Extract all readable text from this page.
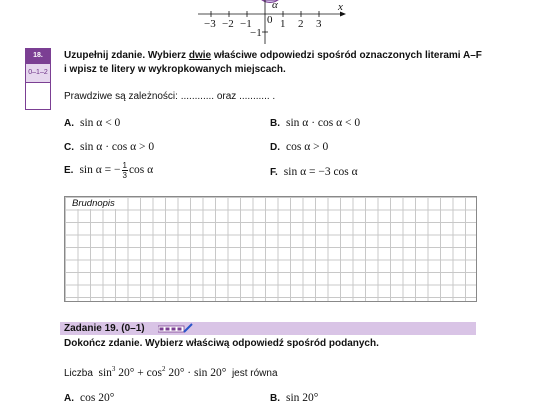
−3 −2 −1 0 1 2 3
−1
x
α
18.
0–1–2
Uzupełnij zdanie. Wybierz dwie właściwe odpowiedzi spośród oznaczonych literami A–F i wpisz te litery w wykropkowanych miejscach.
Prawdziwe są zależności: ............ oraz ........... .
A. sin α < 0	B. sin α · cos α < 0
C. sin α · cos α > 0	D. cos α > 0
E. sin α = − $\frac{1}{3}$ cos α	F. sin α = −3 cos α
Brudnopis
Zadanie 19. (0–1)
Dokończ zdanie. Wybierz właściwą odpowiedź spośród podanych.
Liczba $\sin^3 20^\circ + \cos^2 20^\circ \cdot \sin 20^\circ$ jest równa
A. cos 20°	B. sin 20°
